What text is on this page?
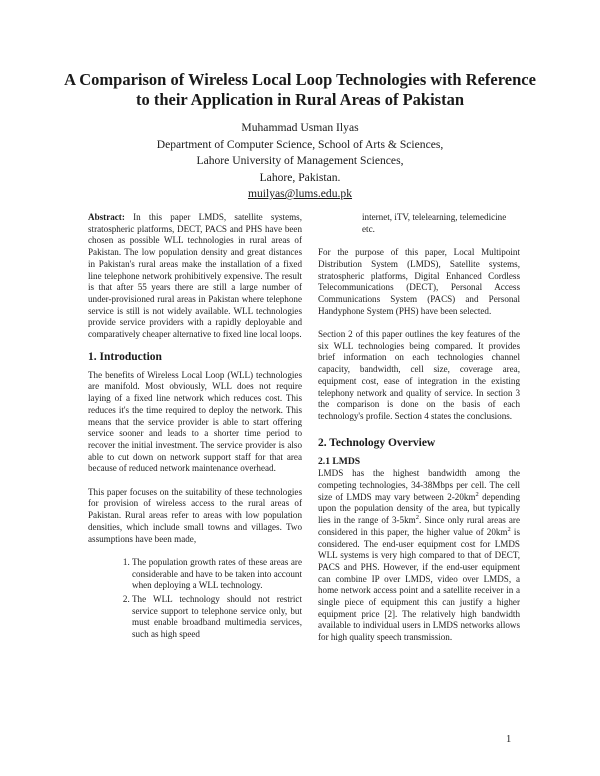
A Comparison of Wireless Local Loop Technologies with Reference to their Application in Rural Areas of Pakistan
Muhammad Usman Ilyas
Department of Computer Science, School of Arts & Sciences,
Lahore University of Management Sciences,
Lahore, Pakistan.
muilyas@lums.edu.pk

Abstract: In this paper LMDS, satellite systems, stratospheric platforms, DECT, PACS and PHS have been chosen as possible WLL technologies in rural areas of Pakistan. The low population density and great distances in Pakistan's rural areas make the installation of a fixed line telephone network prohibitively expensive. The result is that after 55 years there are still a large number of under-provisioned rural areas in Pakistan where telephone service is still is not widely available. WLL technologies provide service providers with a rapidly deployable and comparatively cheaper alternative to fixed line local loops.

1. Introduction

The benefits of Wireless Local Loop (WLL) technologies are manifold. Most obviously, WLL does not require laying of a fixed line network which reduces cost. This reduces it's the time required to deploy the network. This means that the service provider is able to start offering service sooner and leads to a shorter time period to recover the initial investment. The service provider is also able to cut down on network support staff for that area because of reduced network maintenance overhead.

This paper focuses on the suitability of these technologies for provision of wireless access to the rural areas of Pakistan. Rural areas refer to areas with low population densities, which include small towns and villages. Two assumptions have been made,

1. The population growth rates of these areas are considerable and have to be taken into account when deploying a WLL technology.
2. The WLL technology should not restrict service support to telephone service only, but must enable broadband multimedia services, such as high speed

internet, iTV, telelearning, telemedicine etc.

For the purpose of this paper, Local Multipoint Distribution System (LMDS), Satellite systems, stratospheric platforms, Digital Enhanced Cordless Telecommunications (DECT), Personal Access Communications System (PACS) and Personal Handyphone System (PHS) have been selected.

Section 2 of this paper outlines the key features of the six WLL technologies being compared. It provides brief information on each technologies channel capacity, bandwidth, cell size, coverage area, equipment cost, ease of integration in the existing telephony network and quality of service. In section 3 the comparison is done on the basis of each technology's profile. Section 4 states the conclusions.

2. Technology Overview
2.1 LMDS

LMDS has the highest bandwidth among the competing technologies, 34-38Mbps per cell. The cell size of LMDS may vary between $2-20km^2$ depending upon the population density of the area, but typically lies in the range of $3-5km^2$. Since only rural areas are considered in this paper, the higher value of $20km^2$ is considered. The end-user equipment cost for LMDS WLL systems is very high compared to that of DECT, PACS and PHS. However, if the end-user equipment can combine IP over LMDS, video over LMDS, a home network access point and a satellite receiver in a single piece of equipment this can justify a higher equipment price [2]. The relatively high bandwidth available to individual users in LMDS networks allows for high quality speech transmission.

1
